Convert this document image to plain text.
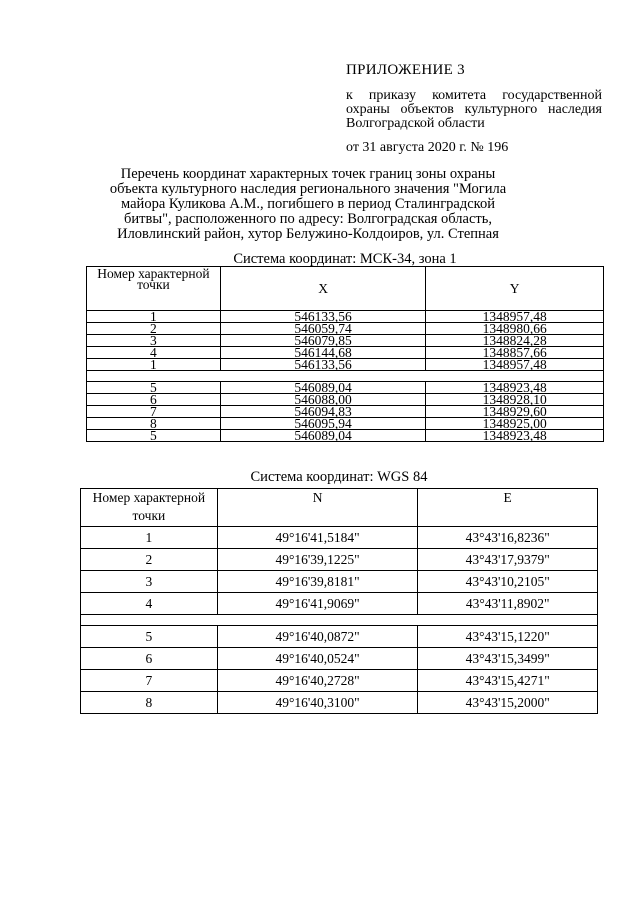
ПРИЛОЖЕНИЕ 3
к приказу комитета государственной охраны объектов культурного наследия Волгоградской области
от 31 августа 2020 г. № 196
Перечень координат характерных точек границ зоны охраны объекта культурного наследия регионального значения "Могила майора Куликова А.М., погибшего в период Сталинградской битвы", расположенного по адресу: Волгоградская область, Иловлинский район, хутор Белужино-Колдоиров, ул. Степная
Система координат: МСК-34, зона 1
Номер характерной точки	X	Y
1	546133,56	1348957,48
2	546059,74	1348980,66
3	546079,85	1348824,28
4	546144,68	1348857,66
1	546133,56	1348957,48

5	546089,04	1348923,48
6	546088,00	1348928,10
7	546094,83	1348929,60
8	546095,94	1348925,00
5	546089,04	1348923,48
Система координат: WGS 84
Номер характерной точки	N	E
1	49°16'41,5184"	43°43'16,8236"
2	49°16'39,1225"	43°43'17,9379"
3	49°16'39,8181"	43°43'10,2105"
4	49°16'41,9069"	43°43'11,8902"

5	49°16'40,0872"	43°43'15,1220"
6	49°16'40,0524"	43°43'15,3499"
7	49°16'40,2728"	43°43'15,4271"
8	49°16'40,3100"	43°43'15,2000"
